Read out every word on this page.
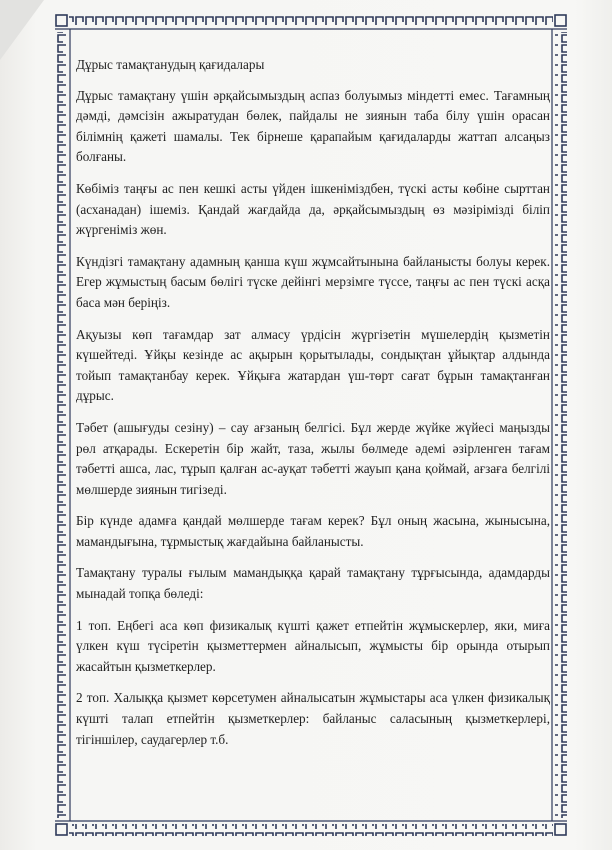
Дұрыс тамақтанудың қағидалары

Дұрыс тамақтану үшін әрқайсымыздың аспаз болуымыз міндетті емес. Тағамның дәмді, дәмсізін ажыратудан бөлек, пайдалы не зиянын таба білу үшін орасан білімнің қажеті шамалы. Тек бірнеше қарапайым қағидаларды жаттап алсаңыз болғаны.

Көбіміз таңғы ас пен кешкі асты үйден ішкеніміздбен, түскі асты көбіне сырттан (асханадан) ішеміз. Қандай жағдайда да, әрқайсымыздың өз мәзірімізді біліп жүргеніміз жөн.

Күндізгі тамақтану адамның қанша күш жұмсайтынына байланысты болуы керек. Егер жұмыстың басым бөлігі түске дейінгі мерзімге түссе, таңғы ас пен түскі асқа баса мән беріңіз.

Ақуызы көп тағамдар зат алмасу үрдісін жүргізетін мүшелердің қызметін күшейтеді. Ұйқы кезінде ас ақырын қорытылады, сондықтан ұйықтар алдында тойып тамақтанбау керек. Ұйқыға жатардан үш-төрт сағат бұрын тамақтанған дұрыс.

Тәбет (ашығуды сезіну) – сау ағзаның белгісі. Бұл жерде жүйке жүйесі маңызды рөл атқарады. Ескеретін бір жайт, таза, жылы бөлмеде әдемі әзірленген тағам тәбетті ашса, лас, тұрып қалған ас-ауқат тәбетті жауып қана қоймай, ағзаға белгілі мөлшерде зиянын тигізеді.

Бір күнде адамға қандай мөлшерде тағам керек? Бұл оның жасына, жынысына, мамандығына, тұрмыстық жағдайына байланысты.

Тамақтану туралы ғылым мамандыққа қарай тамақтану тұрғысында, адамдарды мынадай топқа бөледі:

1 топ. Еңбегі аса көп физикалық күшті қажет етпейтін жұмыскерлер, яки, миға үлкен күш түсіретін қызметтермен айналысып, жұмысты бір орында отырып жасайтын қызметкерлер.

2 топ. Халыққа қызмет көрсетумен айналысатын жұмыстары аса үлкен физикалық күшті талап етпейтін қызметкерлер: байланыс саласының қызметкерлері, тігіншілер, саудагерлер т.б.
